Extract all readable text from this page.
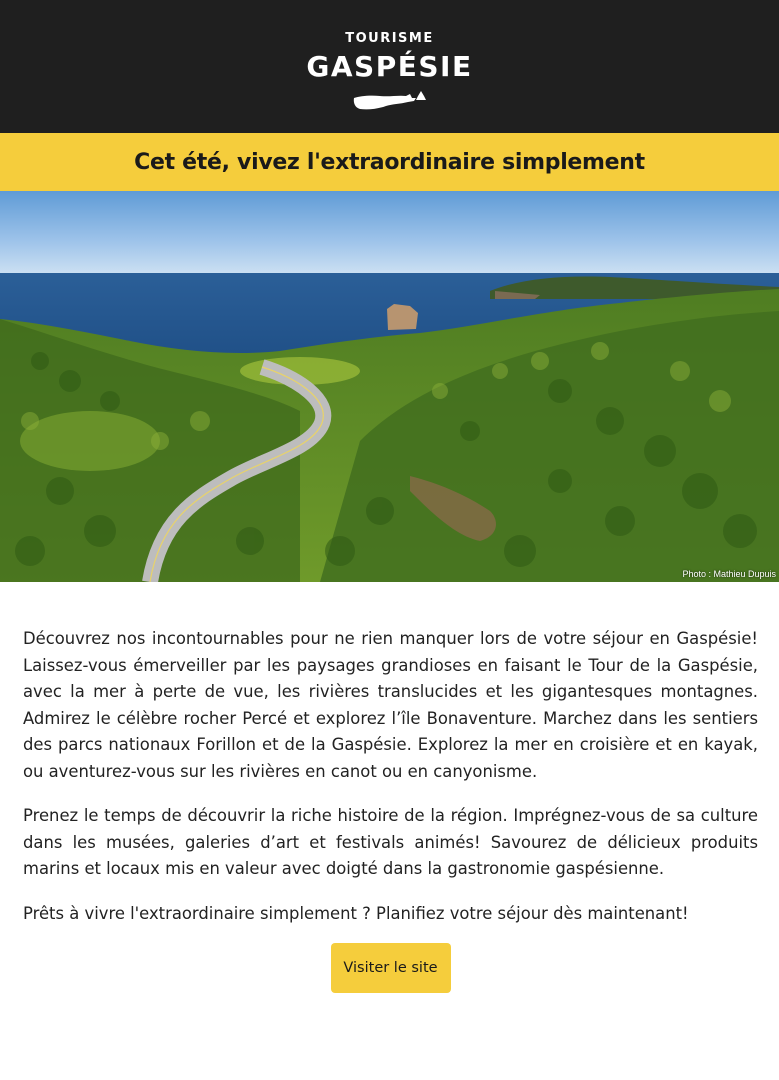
TOURISME
GASPÉSIE
Cet été, vivez l'extraordinaire simplement
Photo : Mathieu Dupuis

Découvrez nos incontournables pour ne rien manquer lors de votre séjour en Gaspésie! Laissez-vous émerveiller par les paysages grandioses en faisant le Tour de la Gaspésie, avec la mer à perte de vue, les rivières translucides et les gigantesques montagnes. Admirez le célèbre rocher Percé et explorez l’île Bonaventure. Marchez dans les sentiers des parcs nationaux Forillon et de la Gaspésie. Explorez la mer en croisière et en kayak, ou aventurez-vous sur les rivières en canot ou en canyonisme.

Prenez le temps de découvrir la riche histoire de la région. Imprégnez-vous de sa culture dans les musées, galeries d’art et festivals animés! Savourez de délicieux produits marins et locaux mis en valeur avec doigté dans la gastronomie gaspésienne.

Prêts à vivre l'extraordinaire simplement ? Planifiez votre séjour dès maintenant!

Visiter le site
